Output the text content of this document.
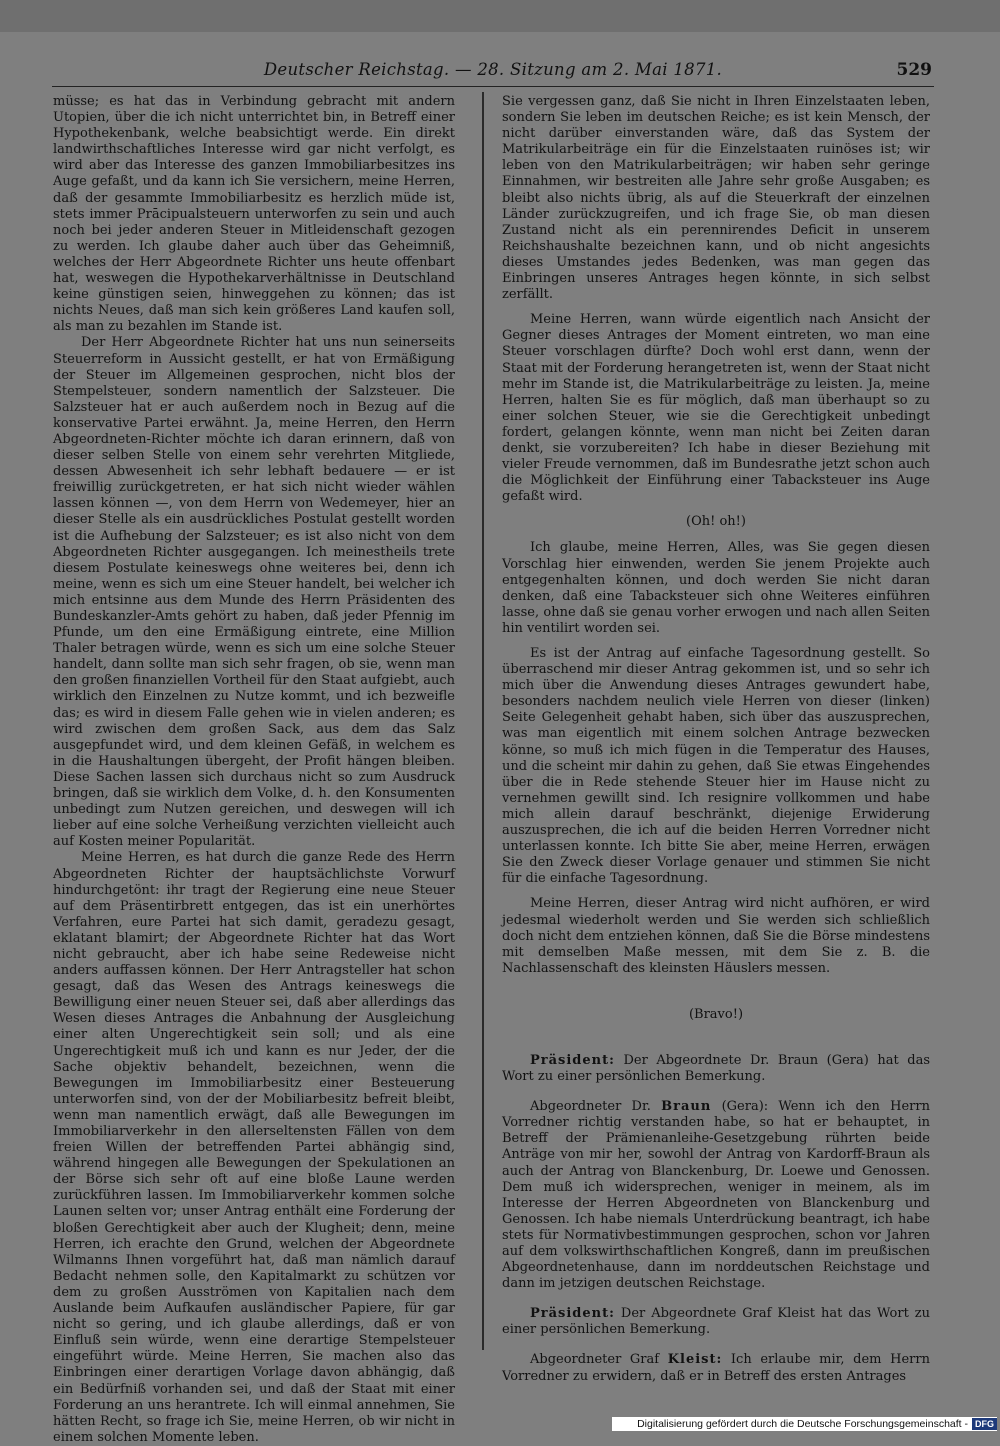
Deutscher Reichstag. — 28. Sitzung am 2. Mai 1871.	529

müsse; es hat das in Verbindung gebracht mit andern Utopien, über die ich nicht unterrichtet bin, in Betreff einer Hypothekenbank, welche beabsichtigt werde. Ein direkt landwirthschaftliches Interesse wird gar nicht verfolgt, es wird aber das Interesse des ganzen Immobiliarbesitzes ins Auge gefaßt, und da kann ich Sie versichern, meine Herren, daß der gesammte Immobiliarbesitz es herzlich müde ist, stets immer Prācipualsteuern unterworfen zu sein und auch noch bei jeder anderen Steuer in Mitleidenschaft gezogen zu werden. Ich glaube daher auch über das Geheimniß, welches der Herr Abgeordnete Richter uns heute offenbart hat, weswegen die Hypothekarverhältnisse in Deutschland keine günstigen seien, hinweggehen zu können; das ist nichts Neues, daß man sich kein größeres Land kaufen soll, als man zu bezahlen im Stande ist.

Der Herr Abgeordnete Richter hat uns nun seinerseits Steuerreform in Aussicht gestellt, er hat von Ermäßigung der Steuer im Allgemeinen gesprochen, nicht blos der Stempelsteuer, sondern namentlich der Salzsteuer. Die Salzsteuer hat er auch außerdem noch in Bezug auf die konservative Partei erwähnt. Ja, meine Herren, den Herrn Abgeordneten-Richter möchte ich daran erinnern, daß von dieser selben Stelle von einem sehr verehrten Mitgliede, dessen Abwesenheit ich sehr lebhaft bedauere — er ist freiwillig zurückgetreten, er hat sich nicht wieder wählen lassen können —, von dem Herrn von Wedemeyer, hier an dieser Stelle als ein ausdrückliches Postulat gestellt worden ist die Aufhebung der Salzsteuer; es ist also nicht von dem Abgeordneten Richter ausgegangen. Ich meinestheils trete diesem Postulate keineswegs ohne weiteres bei, denn ich meine, wenn es sich um eine Steuer handelt, bei welcher ich mich entsinne aus dem Munde des Herrn Präsidenten des Bundeskanzler-Amts gehört zu haben, daß jeder Pfennig im Pfunde, um den eine Ermäßigung eintrete, eine Million Thaler betragen würde, wenn es sich um eine solche Steuer handelt, dann sollte man sich sehr fragen, ob sie, wenn man den großen finanziellen Vortheil für den Staat aufgiebt, auch wirklich den Einzelnen zu Nutze kommt, und ich bezweifle das; es wird in diesem Falle gehen wie in vielen anderen; es wird zwischen dem großen Sack, aus dem das Salz ausgepfundet wird, und dem kleinen Gefäß, in welchem es in die Haushaltungen übergeht, der Profit hängen bleiben. Diese Sachen lassen sich durchaus nicht so zum Ausdruck bringen, daß sie wirklich dem Volke, d. h. den Konsumenten unbedingt zum Nutzen gereichen, und deswegen will ich lieber auf eine solche Verheißung verzichten vielleicht auch auf Kosten meiner Popularität.

Meine Herren, es hat durch die ganze Rede des Herrn Abgeordneten Richter der hauptsächlichste Vorwurf hindurchgetönt: ihr tragt der Regierung eine neue Steuer auf dem Präsentirbrett entgegen, das ist ein unerhörtes Verfahren, eure Partei hat sich damit, geradezu gesagt, eklatant blamirt; der Abgeordnete Richter hat das Wort nicht gebraucht, aber ich habe seine Redeweise nicht anders auffassen können. Der Herr Antragsteller hat schon gesagt, daß das Wesen des Antrags keineswegs die Bewilligung einer neuen Steuer sei, daß aber allerdings das Wesen dieses Antrages die Anbahnung der Ausgleichung einer alten Ungerechtigkeit sein soll; und als eine Ungerechtigkeit muß ich und kann es nur Jeder, der die Sache objektiv behandelt, bezeichnen, wenn die Bewegungen im Immobiliarbesitz einer Besteuerung unterworfen sind, von der der Mobiliarbesitz befreit bleibt, wenn man namentlich erwägt, daß alle Bewegungen im Immobiliarverkehr in den allerseltensten Fällen von dem freien Willen der betreffenden Partei abhängig sind, während hingegen alle Bewegungen der Spekulationen an der Börse sich sehr oft auf eine bloße Laune werden zurückführen lassen. Im Immobiliarverkehr kommen solche Launen selten vor; unser Antrag enthält eine Forderung der bloßen Gerechtigkeit aber auch der Klugheit; denn, meine Herren, ich erachte den Grund, welchen der Abgeordnete Wilmanns Ihnen vorgeführt hat, daß man nämlich darauf Bedacht nehmen solle, den Kapitalmarkt zu schützen vor dem zu großen Ausströmen von Kapitalien nach dem Auslande beim Aufkaufen ausländischer Papiere, für gar nicht so gering, und ich glaube allerdings, daß er von Einfluß sein würde, wenn eine derartige Stempelsteuer eingeführt würde. Meine Herren, Sie machen also das Einbringen einer derartigen Vorlage davon abhängig, daß ein Bedürfniß vorhanden sei, und daß der Staat mit einer Forderung an uns herantrete. Ich will einmal annehmen, Sie hätten Recht, so frage ich Sie, meine Herren, ob wir nicht in einem solchen Momente leben.

Sie vergessen ganz, daß Sie nicht in Ihren Einzelstaaten leben, sondern Sie leben im deutschen Reiche; es ist kein Mensch, der nicht darüber einverstanden wäre, daß das System der Matrikularbeiträge ein für die Einzelstaaten ruinöses ist; wir leben von den Matrikularbeiträgen; wir haben sehr geringe Einnahmen, wir bestreiten alle Jahre sehr große Ausgaben; es bleibt also nichts übrig, als auf die Steuerkraft der einzelnen Länder zurückzugreifen, und ich frage Sie, ob man diesen Zustand nicht als ein perennirendes Deficit in unserem Reichshaushalte bezeichnen kann, und ob nicht angesichts dieses Umstandes jedes Bedenken, was man gegen das Einbringen unseres Antrages hegen könnte, in sich selbst zerfällt.

Meine Herren, wann würde eigentlich nach Ansicht der Gegner dieses Antrages der Moment eintreten, wo man eine Steuer vorschlagen dürfte? Doch wohl erst dann, wenn der Staat mit der Forderung herangetreten ist, wenn der Staat nicht mehr im Stande ist, die Matrikularbeiträge zu leisten. Ja, meine Herren, halten Sie es für möglich, daß man überhaupt so zu einer solchen Steuer, wie sie die Gerechtigkeit unbedingt fordert, gelangen könnte, wenn man nicht bei Zeiten daran denkt, sie vorzubereiten? Ich habe in dieser Beziehung mit vieler Freude vernommen, daß im Bundesrathe jetzt schon auch die Möglichkeit der Einführung einer Tabacksteuer ins Auge gefaßt wird.

(Oh! oh!)

Ich glaube, meine Herren, Alles, was Sie gegen diesen Vorschlag hier einwenden, werden Sie jenem Projekte auch entgegenhalten können, und doch werden Sie nicht daran denken, daß eine Tabacksteuer sich ohne Weiteres einführen lasse, ohne daß sie genau vorher erwogen und nach allen Seiten hin ventilirt worden sei.

Es ist der Antrag auf einfache Tagesordnung gestellt. So überraschend mir dieser Antrag gekommen ist, und so sehr ich mich über die Anwendung dieses Antrages gewundert habe, besonders nachdem neulich viele Herren von dieser (linken) Seite Gelegenheit gehabt haben, sich über das auszusprechen, was man eigentlich mit einem solchen Antrage bezwecken könne, so muß ich mich fügen in die Temperatur des Hauses, und die scheint mir dahin zu gehen, daß Sie etwas Eingehendes über die in Rede stehende Steuer hier im Hause nicht zu vernehmen gewillt sind. Ich resignire vollkommen und habe mich allein darauf beschränkt, diejenige Erwiderung auszusprechen, die ich auf die beiden Herren Vorredner nicht unterlassen konnte. Ich bitte Sie aber, meine Herren, erwägen Sie den Zweck dieser Vorlage genauer und stimmen Sie nicht für die einfache Tagesordnung.

Meine Herren, dieser Antrag wird nicht aufhören, er wird jedesmal wiederholt werden und Sie werden sich schließlich doch nicht dem entziehen können, daß Sie die Börse mindestens mit demselben Maße messen, mit dem Sie z. B. die Nachlassenschaft des kleinsten Häuslers messen.

(Bravo!)

Präsident: Der Abgeordnete Dr. Braun (Gera) hat das Wort zu einer persönlichen Bemerkung.

Abgeordneter Dr. Braun (Gera): Wenn ich den Herrn Vorredner richtig verstanden habe, so hat er behauptet, in Betreff der Prämienanleihe-Gesetzgebung rührten beide Anträge von mir her, sowohl der Antrag von Kardorff-Braun als auch der Antrag von Blanckenburg, Dr. Loewe und Genossen. Dem muß ich widersprechen, weniger in meinem, als im Interesse der Herren Abgeordneten von Blanckenburg und Genossen. Ich habe niemals Unterdrückung beantragt, ich habe stets für Normativbestimmungen gesprochen, schon vor Jahren auf dem volkswirthschaftlichen Kongreß, dann im preußischen Abgeordnetenhause, dann im norddeutschen Reichstage und dann im jetzigen deutschen Reichstage.

Präsident: Der Abgeordnete Graf Kleist hat das Wort zu einer persönlichen Bemerkung.

Abgeordneter Graf Kleist: Ich erlaube mir, dem Herrn Vorredner zu erwidern, daß er in Betreff des ersten Antrages

Digitalisierung gefördert durch die Deutsche Forschungsgemeinschaft - DFG
